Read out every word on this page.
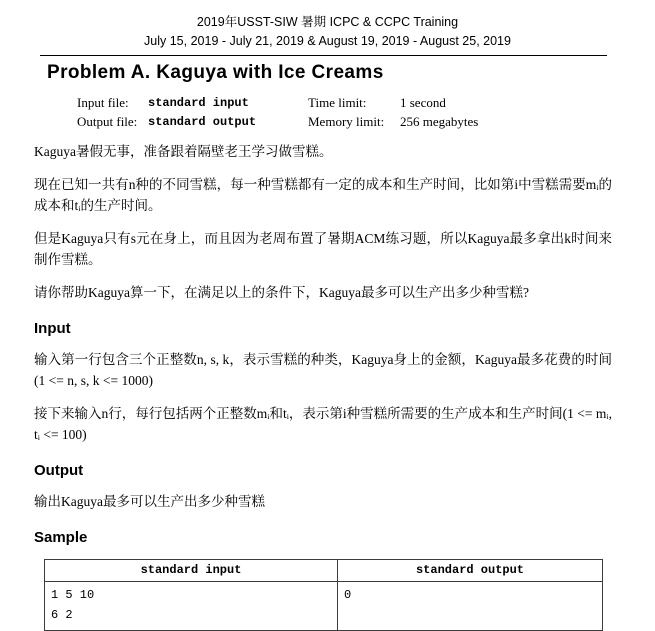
2019年USST-SIW 暑期 ICPC & CCPC Training
July 15, 2019 - July 21, 2019 & August 19, 2019 - August 25, 2019
Problem A. Kaguya with Ice Creams
Input file:	standard input	Time limit:	1 second
Output file: standard output	Memory limit:	256 megabytes
Kaguya暑假无事，准备跟着隔壁老王学习做雪糕。
现在已知一共有n种的不同雪糕，每一种雪糕都有一定的成本和生产时间，比如第i中雪糕需要mᵢ的成本和tᵢ的生产时间。
但是Kaguya只有s元在身上，而且因为老周布置了暑期ACM练习题，所以Kaguya最多拿出k时间来制作雪糕。
请你帮助Kaguya算一下，在满足以上的条件下，Kaguya最多可以生产出多少种雪糕?
Input
输入第一行包含三个正整数n, s, k，表示雪糕的种类，Kaguya身上的金额，Kaguya最多花费的时间(1 <= n, s, k <= 1000)
接下来输入n行，每行包括两个正整数mᵢ和tᵢ，表示第i种雪糕所需要的生产成本和生产时间(1 <= mᵢ, tᵢ <= 100)
Output
输出Kaguya最多可以生产出多少种雪糕
Sample
standard input	standard output
1 5 10
6 2	0
